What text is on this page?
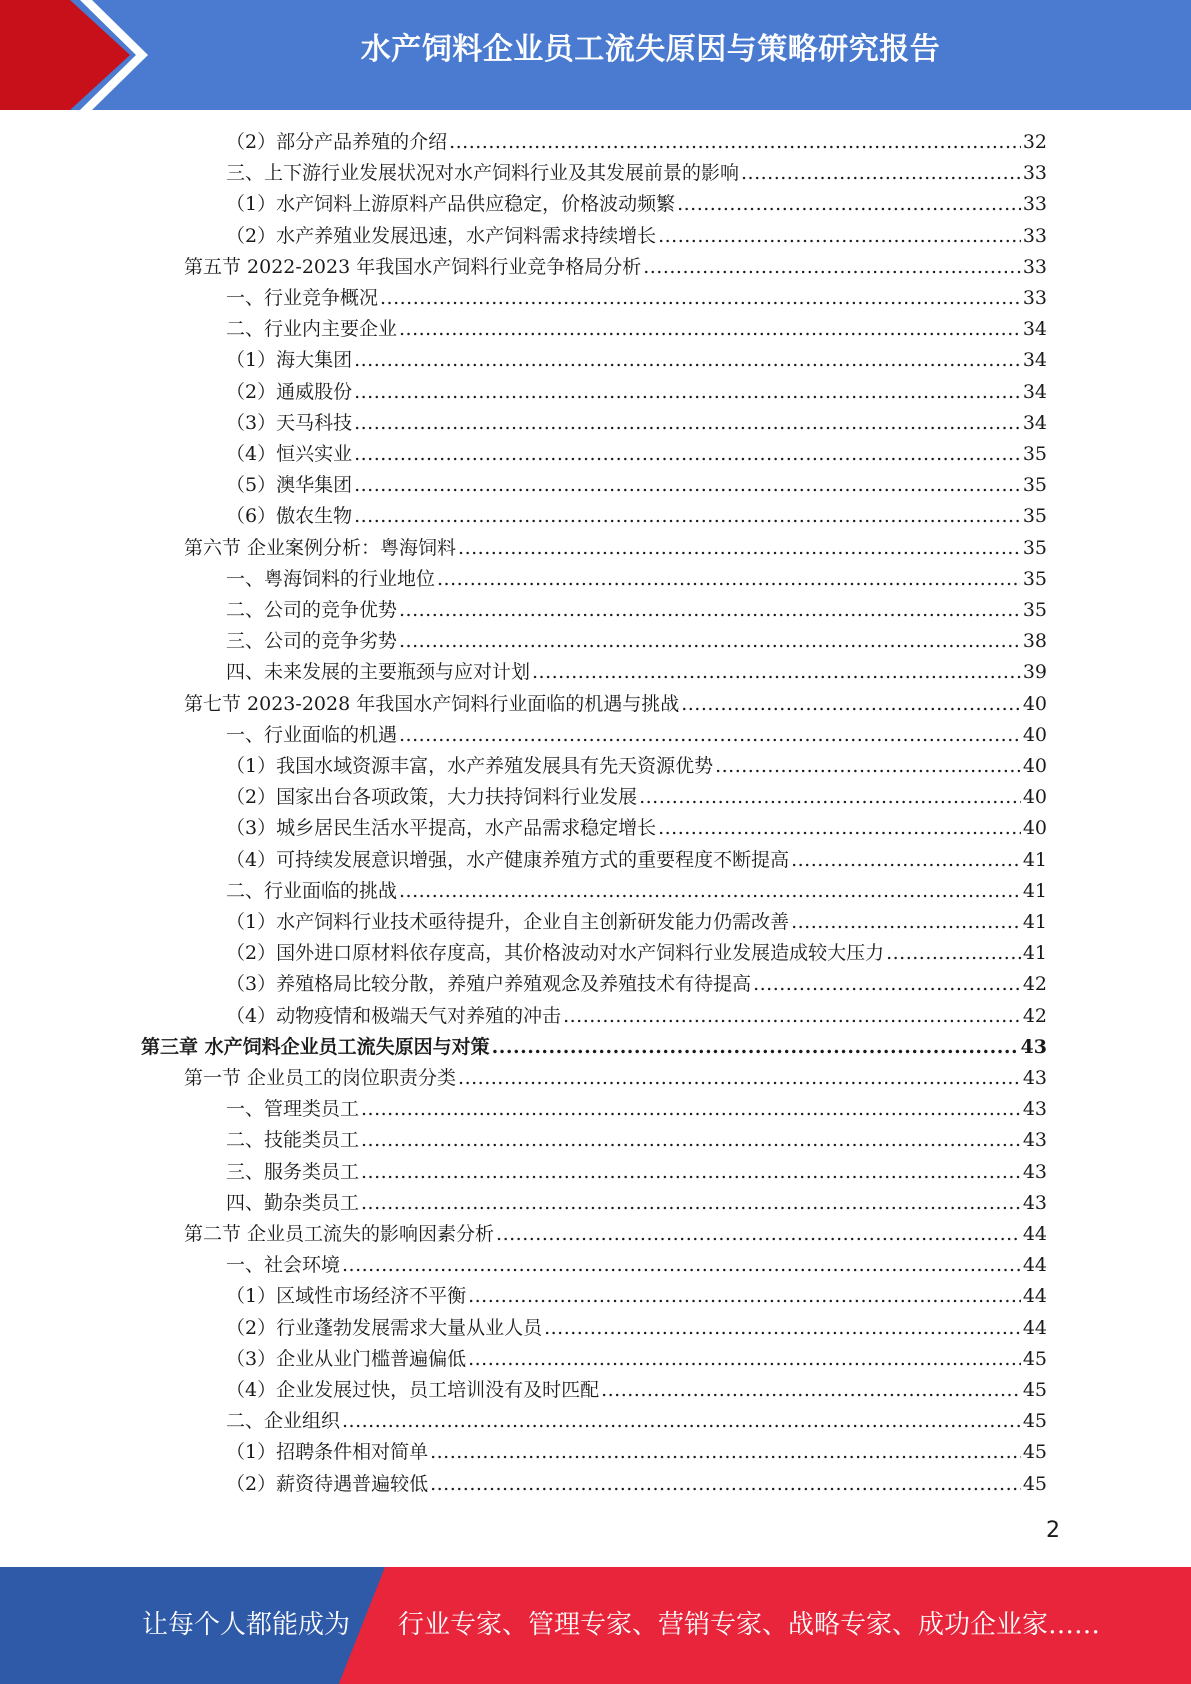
水产饲料企业员工流失原因与策略研究报告
（2）部分产品养殖的介绍 .....	32
三、上下游行业发展状况对水产饲料行业及其发展前景的影响 .....	33
（1）水产饲料上游原料产品供应稳定，价格波动频繁 .....	33
（2）水产养殖业发展迅速，水产饲料需求持续增长 .....	33
第五节 2022-2023 年我国水产饲料行业竞争格局分析 .....	33
一、行业竞争概况 .....	33
二、行业内主要企业 .....	34
（1）海大集团 .....	34
（2）通威股份 .....	34
（3）天马科技 .....	34
（4）恒兴实业 .....	35
（5）澳华集团 .....	35
（6）傲农生物 .....	35
第六节 企业案例分析：粤海饲料 .....	35
一、粤海饲料的行业地位 .....	35
二、公司的竞争优势 .....	35
三、公司的竞争劣势 .....	38
四、未来发展的主要瓶颈与应对计划 .....	39
第七节 2023-2028 年我国水产饲料行业面临的机遇与挑战 .....	40
一、行业面临的机遇 .....	40
（1）我国水域资源丰富，水产养殖发展具有先天资源优势 .....	40
（2）国家出台各项政策，大力扶持饲料行业发展 .....	40
（3）城乡居民生活水平提高，水产品需求稳定增长 .....	40
（4）可持续发展意识增强，水产健康养殖方式的重要程度不断提高 .....	41
二、行业面临的挑战 .....	41
（1）水产饲料行业技术亟待提升，企业自主创新研发能力仍需改善 .....	41
（2）国外进口原材料依存度高，其价格波动对水产饲料行业发展造成较大压力 .....	41
（3）养殖格局比较分散，养殖户养殖观念及养殖技术有待提高 .....	42
（4）动物疫情和极端天气对养殖的冲击 .....	42
第三章 水产饲料企业员工流失原因与对策 .....	43
第一节 企业员工的岗位职责分类 .....	43
一、管理类员工 .....	43
二、技能类员工 .....	43
三、服务类员工 .....	43
四、勤杂类员工 .....	43
第二节 企业员工流失的影响因素分析 .....	44
一、社会环境 .....	44
（1）区域性市场经济不平衡 .....	44
（2）行业蓬勃发展需求大量从业人员 .....	44
（3）企业从业门槛普遍偏低 .....	45
（4）企业发展过快，员工培训没有及时匹配 .....	45
二、企业组织 .....	45
（1）招聘条件相对简单 .....	45
（2）薪资待遇普遍较低 .....	45
2
让每个人都能成为 行业专家、管理专家、营销专家、战略专家、成功企业家……
